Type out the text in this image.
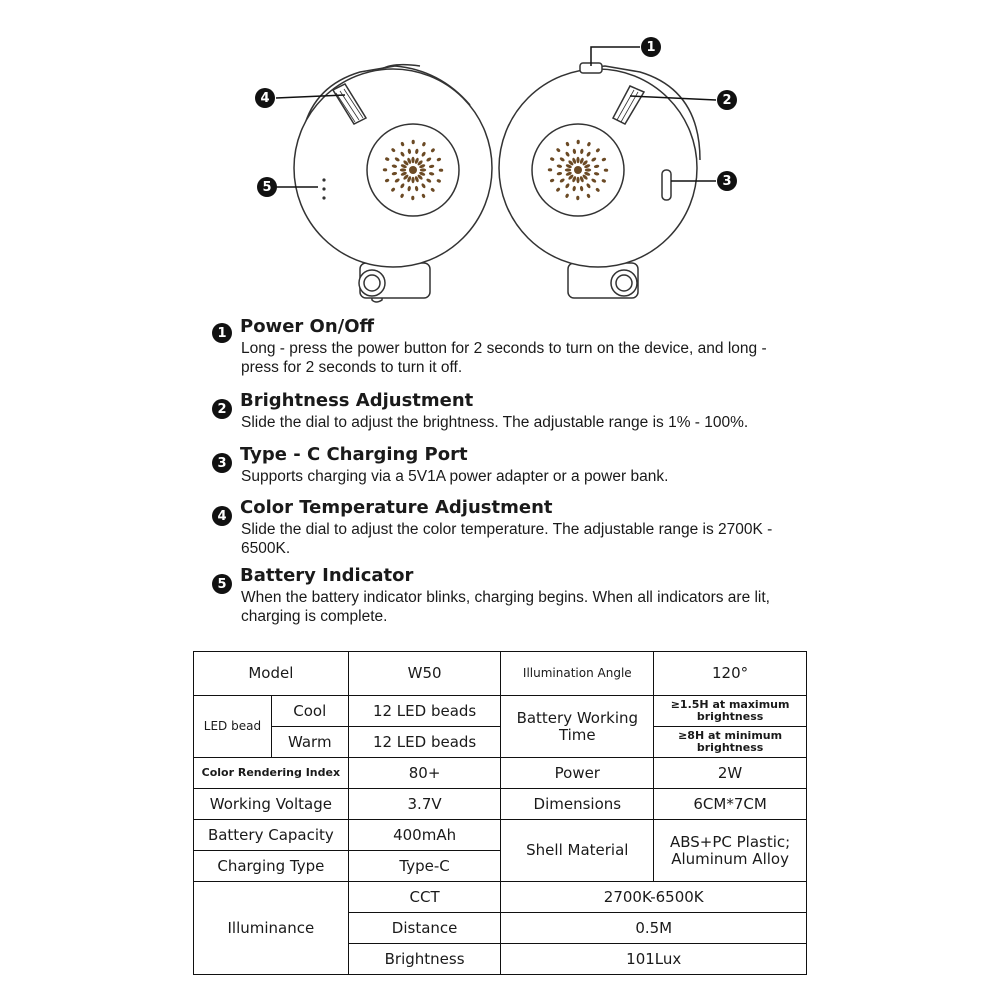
1
2
3
4
5
1 Power On/Off
Long - press the power button for 2 seconds to turn on the device, and long - press for 2 seconds to turn it off.
2 Brightness Adjustment
Slide the dial to adjust the brightness. The adjustable range is 1% - 100%.
3 Type - C Charging Port
Supports charging via a 5V1A power adapter or a power bank.
4 Color Temperature Adjustment
Slide the dial to adjust the color temperature. The adjustable range is 2700K - 6500K.
5 Battery Indicator
When the battery indicator blinks, charging begins. When all indicators are lit, charging is complete.
Model		W50	Illumination Angle	120°
LED bead	Cool	12 LED beads	Battery Working Time	≥1.5H at maximum brightness
	Warm	12 LED beads		≥8H at minimum brightness
Color Rendering Index		80+	Power	2W
Working Voltage		3.7V	Dimensions	6CM*7CM
Battery Capacity		400mAh	Shell Material	ABS+PC Plastic; Aluminum Alloy
Charging Type		Type-C		
Illuminance		CCT	2700K-6500K	
		Distance	0.5M	
		Brightness	101Lux	
